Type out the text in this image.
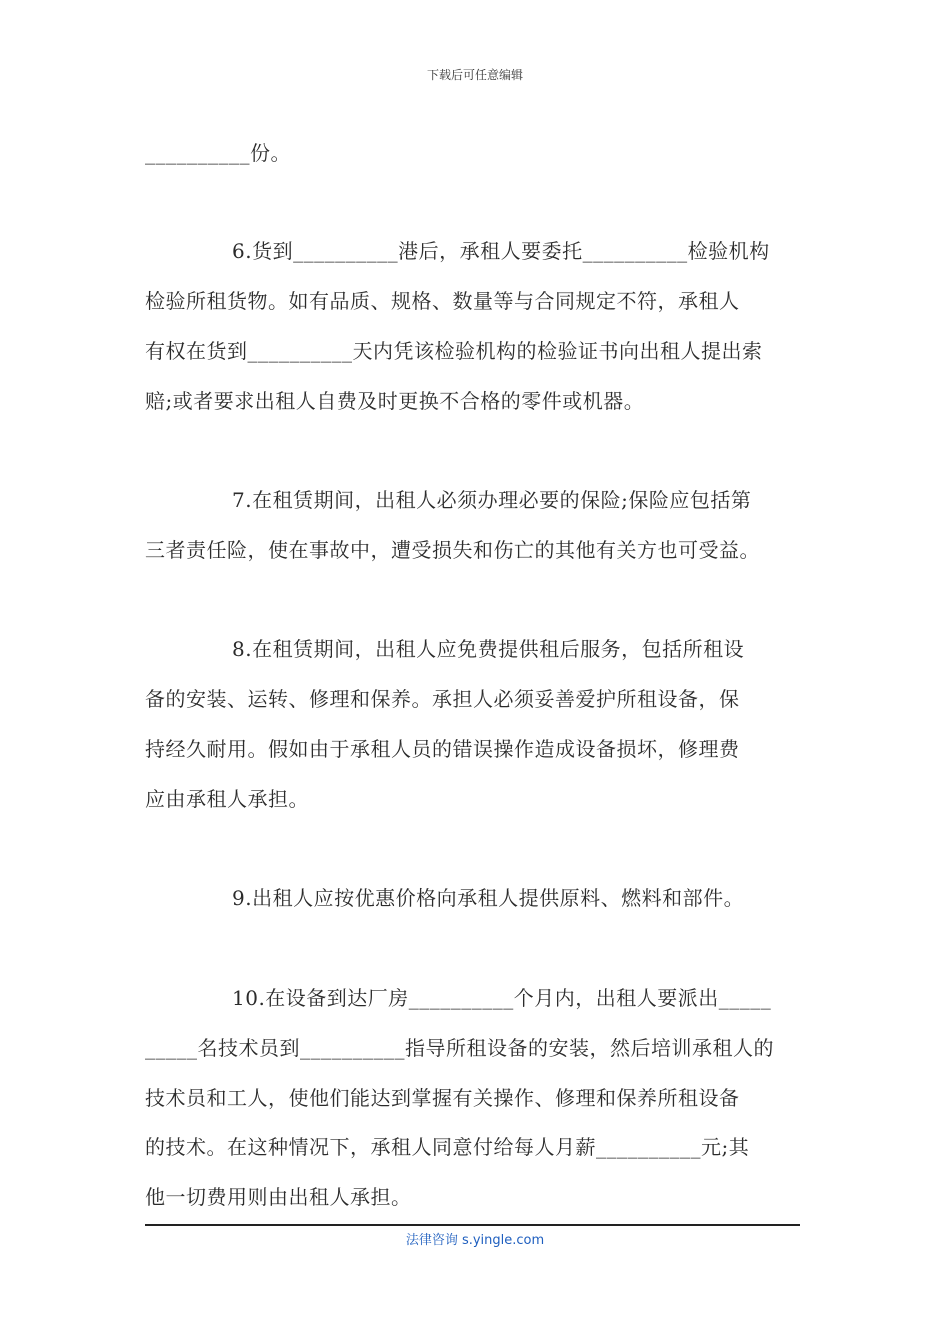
下载后可任意编辑
__________份。
6.货到__________港后，承租人要委托__________检验机构
检验所租货物。如有品质、规格、数量等与合同规定不符，承租人
有权在货到__________天内凭该检验机构的检验证书向出租人提出索
赔;或者要求出租人自费及时更换不合格的零件或机器。
7.在租赁期间，出租人必须办理必要的保险;保险应包括第
三者责任险，使在事故中，遭受损失和伤亡的其他有关方也可受益。
8.在租赁期间，出租人应免费提供租后服务，包括所租设
备的安装、运转、修理和保养。承担人必须妥善爱护所租设备，保
持经久耐用。假如由于承租人员的错误操作造成设备损坏，修理费
应由承租人承担。
9.出租人应按优惠价格向承租人提供原料、燃料和部件。
10.在设备到达厂房__________个月内，出租人要派出_____
_____名技术员到__________指导所租设备的安装，然后培训承租人的
技术员和工人，使他们能达到掌握有关操作、修理和保养所租设备
的技术。在这种情况下，承租人同意付给每人月薪__________元;其
他一切费用则由出租人承担。
法律咨询 s.yingle.com
